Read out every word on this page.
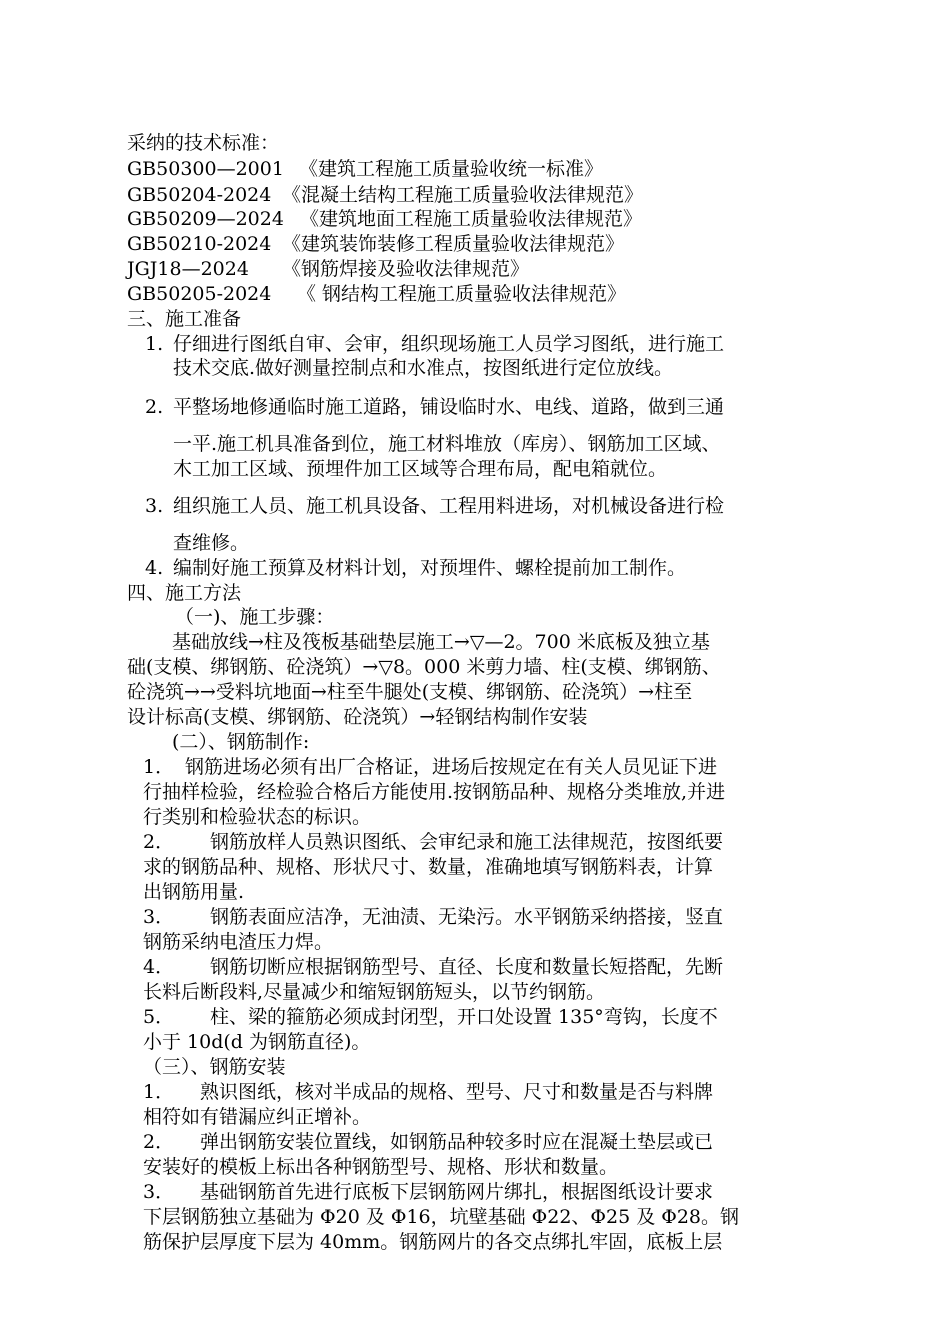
采纳的技术标准：
GB50300—2001 《建筑工程施工质量验收统一标准》
GB50204-2024 《混凝土结构工程施工质量验收法律规范》
GB50209—2024 《建筑地面工程施工质量验收法律规范》
GB50210-2024 《建筑装饰装修工程质量验收法律规范》
JGJ18—2024 《钢筋焊接及验收法律规范》
GB50205-2024 《 钢结构工程施工质量验收法律规范》
三、施工准备
1. 仔细进行图纸自审、会审，组织现场施工人员学习图纸，进行施工
技术交底.做好测量控制点和水准点，按图纸进行定位放线。
2. 平整场地修通临时施工道路，铺设临时水、电线、道路，做到三通
一平.施工机具准备到位，施工材料堆放（库房）、钢筋加工区域、
木工加工区域、预埋件加工区域等合理布局，配电箱就位。
3. 组织施工人员、施工机具设备、工程用料进场，对机械设备进行检
查维修。
4. 编制好施工预算及材料计划，对预埋件、螺栓提前加工制作。
四、施工方法
（一)、施工步骤：
基础放线→柱及筏板基础垫层施工→▽—2。700 米底板及独立基
础(支模、绑钢筋、砼浇筑）→▽8。000 米剪力墙、柱(支模、绑钢筋、
砼浇筑→→受料坑地面→柱至牛腿处(支模、绑钢筋、砼浇筑）→柱至
设计标高(支模、绑钢筋、砼浇筑）→轻钢结构制作安装
(二）、钢筋制作:
1． 钢筋进场必须有出厂合格证，进场后按规定在有关人员见证下进
行抽样检验，经检验合格后方能使用.按钢筋品种、规格分类堆放,并进
行类别和检验状态的标识。
2． 钢筋放样人员熟识图纸、会审纪录和施工法律规范，按图纸要
求的钢筋品种、规格、形状尺寸、数量，准确地填写钢筋料表，计算
出钢筋用量.
3． 钢筋表面应洁净，无油渍、无染污。水平钢筋采纳搭接，竖直
钢筋采纳电渣压力焊。
4． 钢筋切断应根据钢筋型号、直径、长度和数量长短搭配，先断
长料后断段料,尽量减少和缩短钢筋短头，以节约钢筋。
5． 柱、梁的箍筋必须成封闭型，开口处设置 135°弯钩，长度不
小于 10d(d 为钢筋直径)。
（三）、钢筋安装
1． 熟识图纸，核对半成品的规格、型号、尺寸和数量是否与料牌
相符如有错漏应纠正增补。
2． 弹出钢筋安装位置线，如钢筋品种较多时应在混凝土垫层或已
安装好的模板上标出各种钢筋型号、规格、形状和数量。
3． 基础钢筋首先进行底板下层钢筋网片绑扎，根据图纸设计要求
下层钢筋独立基础为 Φ20 及 Φ16，坑壁基础 Φ22、Φ25 及 Φ28。钢
筋保护层厚度下层为 40mm。钢筋网片的各交点绑扎牢固，底板上层
